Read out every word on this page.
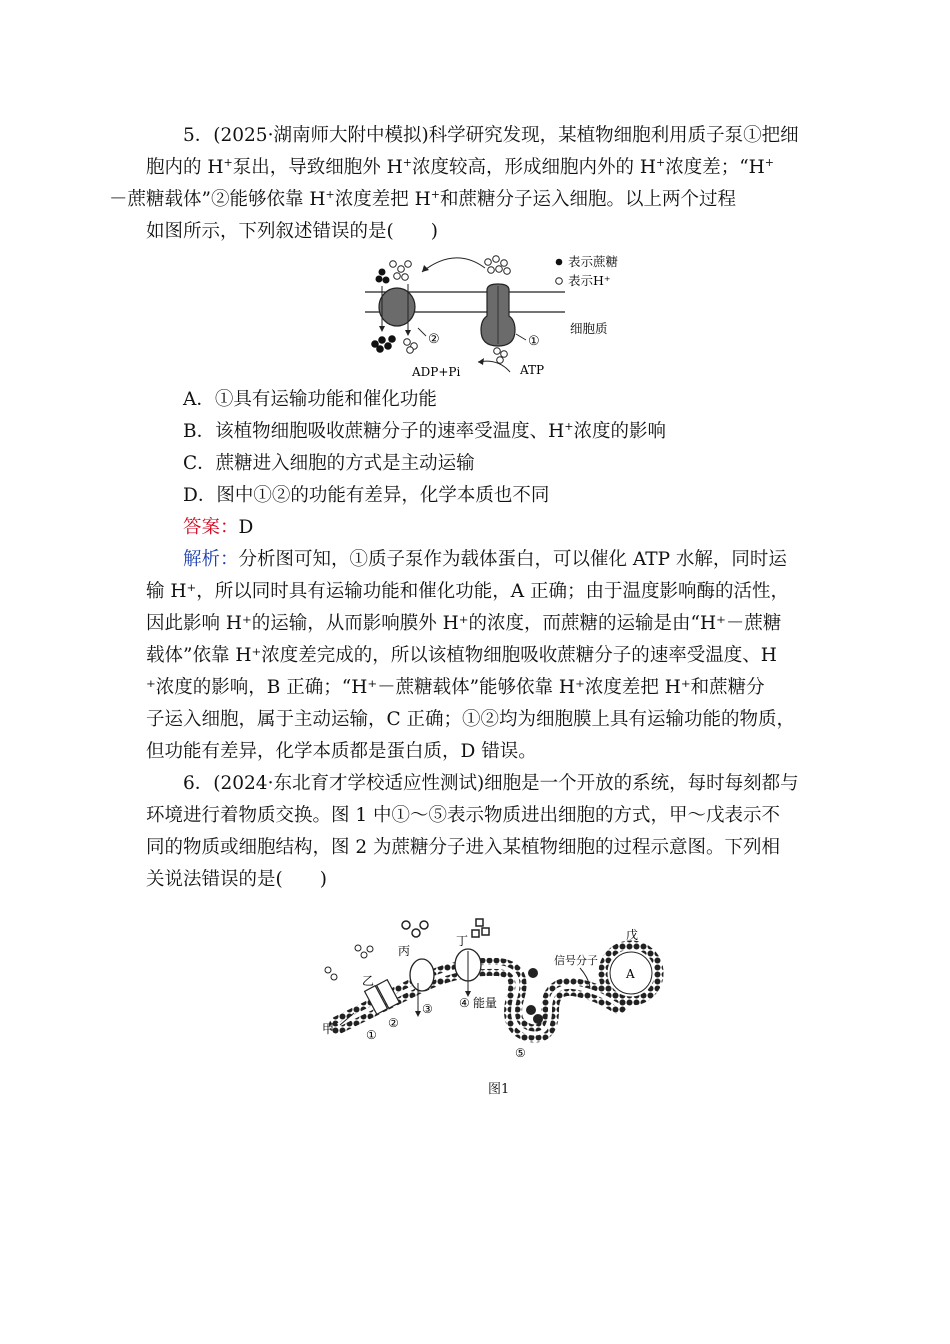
5．(2025·湖南师大附中模拟)科学研究发现，某植物细胞利用质子泵①把细
胞内的 H+泵出，导致细胞外 H+浓度较高，形成细胞内外的 H+浓度差；“H+
－蔗糖载体”②能够依靠 H+浓度差把 H+和蔗糖分子运入细胞。以上两个过程
如图所示，下列叙述错误的是(　　)
②	①
ADP+Pi	ATP
表示蔗糖
表示H⁺
细胞质
A．①具有运输功能和催化功能
B．该植物细胞吸收蔗糖分子的速率受温度、H+浓度的影响
C．蔗糖进入细胞的方式是主动运输
D．图中①②的功能有差异，化学本质也不同
答案：D
解析：分析图可知，①质子泵作为载体蛋白，可以催化 ATP 水解，同时运
输 H⁺，所以同时具有运输功能和催化功能，A 正确；由于温度影响酶的活性，
因此影响 H⁺的运输，从而影响膜外 H⁺的浓度，而蔗糖的运输是由“H⁺－蔗糖
载体”依靠 H⁺浓度差完成的，所以该植物细胞吸收蔗糖分子的速率受温度、H
⁺浓度的影响，B 正确；“H⁺－蔗糖载体”能够依靠 H⁺浓度差把 H⁺和蔗糖分
子运入细胞，属于主动运输，C 正确；①②均为细胞膜上具有运输功能的物质，
但功能有差异，化学本质都是蛋白质，D 错误。
6．(2024·东北育才学校适应性测试)细胞是一个开放的系统，每时每刻都与
环境进行着物质交换。图 1 中①～⑤表示物质进出细胞的方式，甲～戊表示不
同的物质或细胞结构，图 2 为蔗糖分子进入某植物细胞的过程示意图。下列相
关说法错误的是(　　)
A
戊
信号分子
甲
乙
丙
丁
①
②
③ ④ 能量
⑤
图1
